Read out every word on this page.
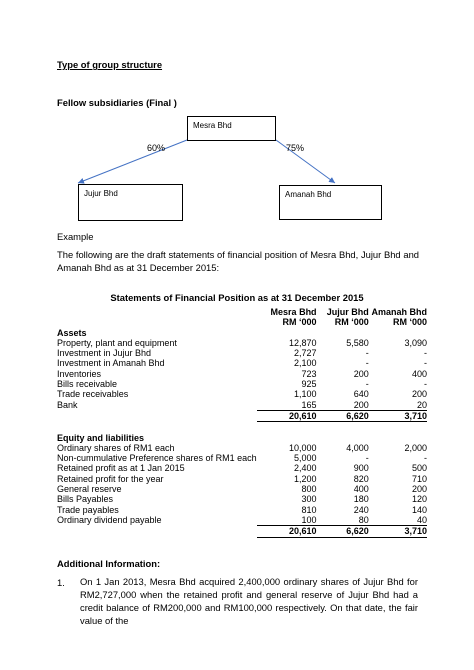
Type of group structure
Fellow subsidiaries (Final )
Mesra Bhd
Jujur Bhd	Amanah Bhd
60%	75%
Example
The following are the draft statements of financial position of Mesra Bhd, Jujur Bhd and Amanah Bhd as at 31 December 2015:
Statements of Financial Position as at 31 December 2015
	Mesra Bhd	Jujur Bhd	Amanah Bhd
	RM ‘000	RM ‘000	RM ‘000
Assets			
Property, plant and equipment	12,870	5,580	3,090
Investment in Jujur Bhd	2,727	-	-
Investment in Amanah Bhd	2,100	-	-
Inventories	723	200	400
Bills receivable	925	-	-
Trade receivables	1,100	640	200
Bank	165	200	20
	20,610	6,620	3,710

Equity and liabilities			
Ordinary shares of RM1 each	10,000	4,000	2,000
Non-cummulative Preference shares of RM1 each	5,000	-	-
Retained profit as at 1 Jan 2015	2,400	900	500
Retained profit for the year	1,200	820	710
General reserve	800	400	200
Bills Payables	300	180	120
Trade payables	810	240	140
Ordinary dividend payable	100	80	40
	20,610	6,620	3,710
Additional Information:
1. On 1 Jan 2013, Mesra Bhd acquired 2,400,000 ordinary shares of Jujur Bhd for RM2,727,000 when the retained profit and general reserve of Jujur Bhd had a credit balance of RM200,000 and RM100,000 respectively. On that date, the fair value of the
